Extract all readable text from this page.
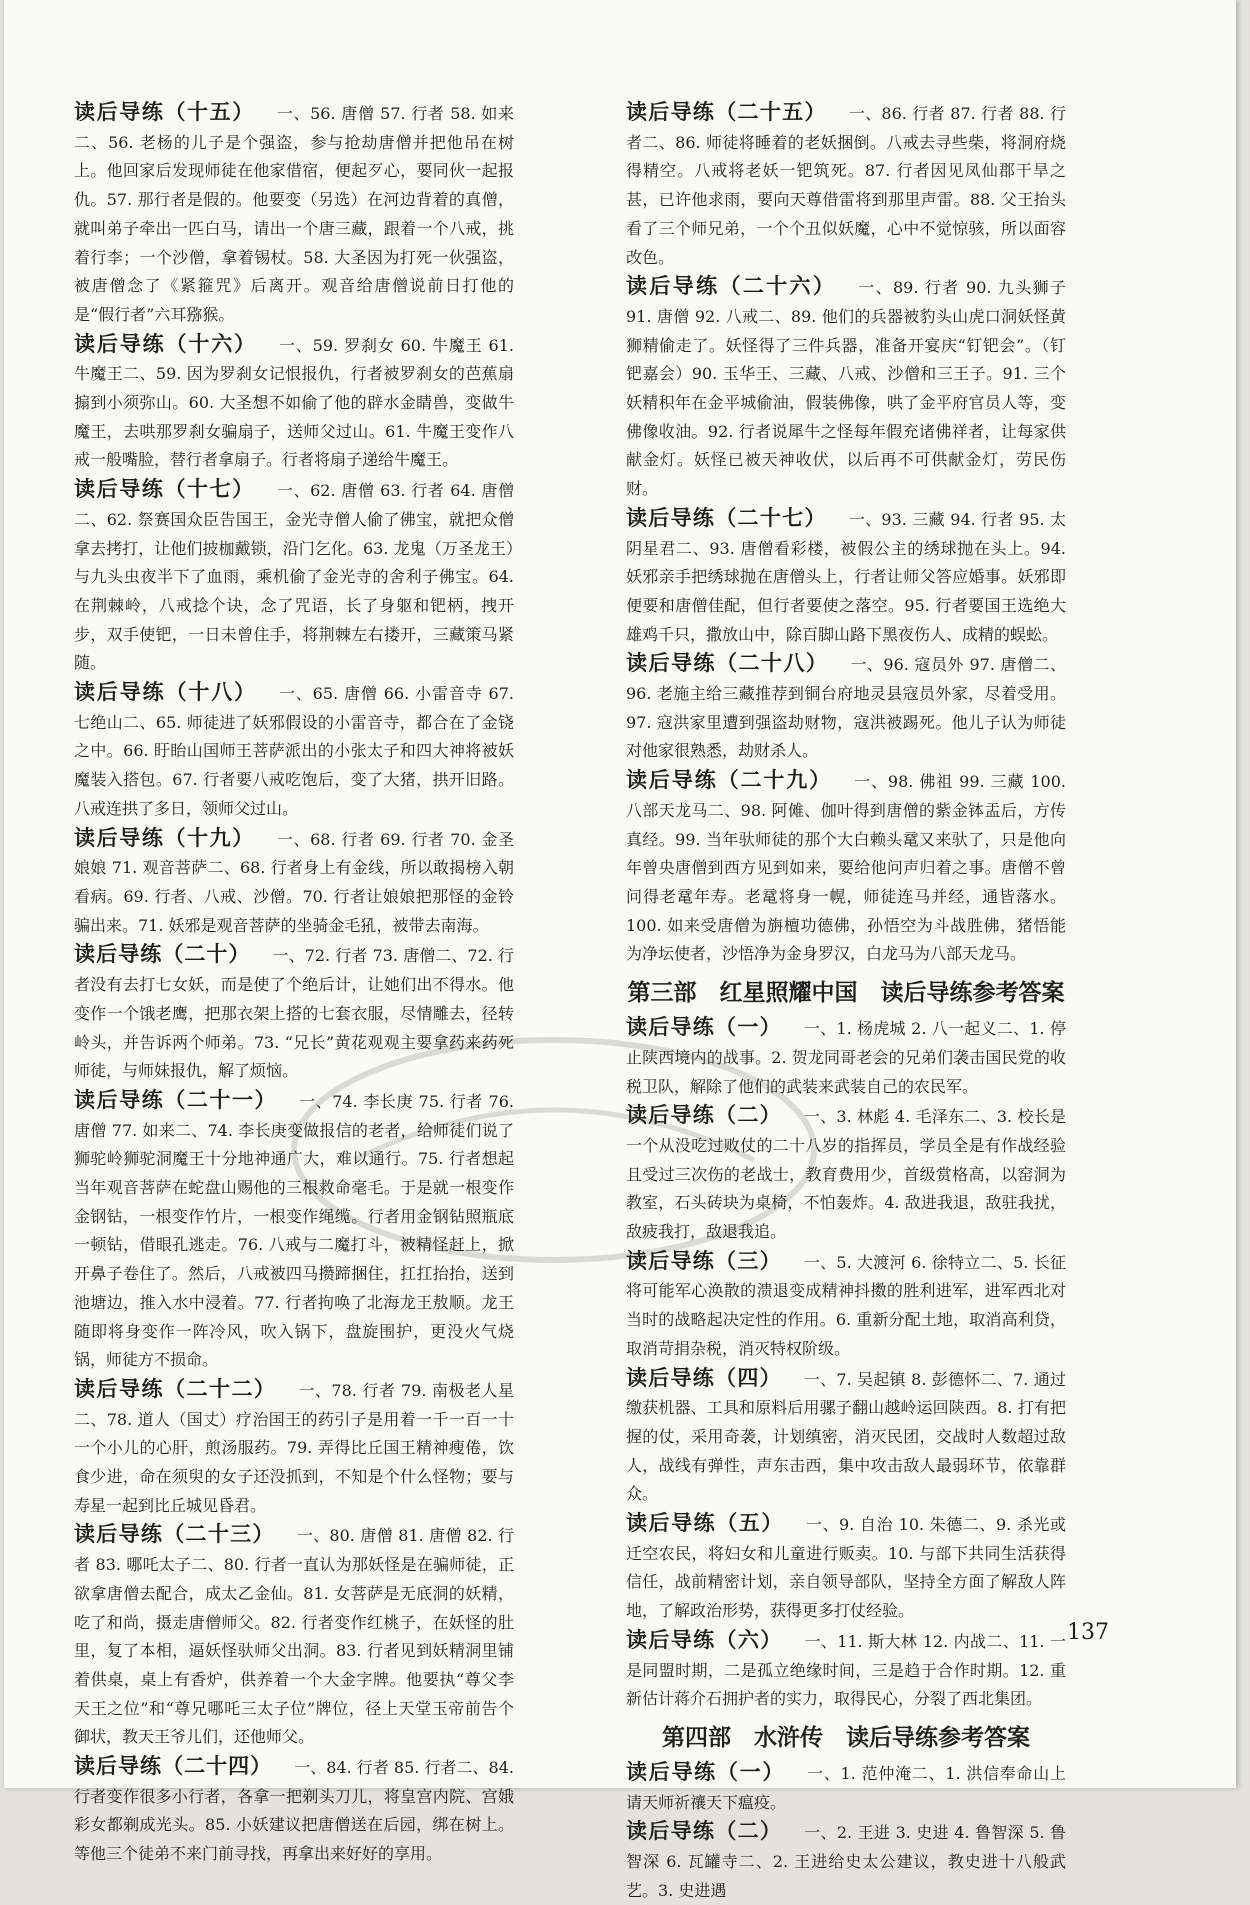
读后导练（十五） 一、56. 唐僧 57. 行者 58. 如来二、56. 老杨的儿子是个强盗，参与抢劫唐僧并把他吊在树上。他回家后发现师徒在他家借宿，便起歹心，要同伙一起报仇。57. 那行者是假的。他要变（另选）在河边背着的真僧，就叫弟子牵出一匹白马，请出一个唐三藏，跟着一个八戒，挑着行李；一个沙僧，拿着锡杖。58. 大圣因为打死一伙强盗，被唐僧念了《紧箍咒》后离开。观音给唐僧说前日打他的是“假行者”六耳猕猴。

读后导练（十六） 一、59. 罗刹女 60. 牛魔王 61. 牛魔王二、59. 因为罗刹女记恨报仇，行者被罗刹女的芭蕉扇搧到小须弥山。60. 大圣想不如偷了他的辟水金睛兽，变做牛魔王，去哄那罗刹女骗扇子，送师父过山。61. 牛魔王变作八戒一般嘴脸，替行者拿扇子。行者将扇子递给牛魔王。

读后导练（十七） 一、62. 唐僧 63. 行者 64. 唐僧二、62. 祭赛国众臣告国王，金光寺僧人偷了佛宝，就把众僧拿去拷打，让他们披枷戴锁，沿门乞化。63. 龙鬼（万圣龙王）与九头虫夜半下了血雨，乘机偷了金光寺的舍利子佛宝。64. 在荆棘岭，八戒捻个诀，念了咒语，长了身躯和钯柄，拽开步，双手使钯，一日未曾住手，将荆棘左右搂开，三藏策马紧随。

读后导练（十八） 一、65. 唐僧 66. 小雷音寺 67. 七绝山二、65. 师徒进了妖邪假设的小雷音寺，都合在了金铙之中。66. 盱眙山国师王菩萨派出的小张太子和四大神将被妖魔装入搭包。67. 行者要八戒吃饱后，变了大猪，拱开旧路。八戒连拱了多日，领师父过山。

读后导练（十九） 一、68. 行者 69. 行者 70. 金圣娘娘 71. 观音菩萨二、68. 行者身上有金线，所以敢揭榜入朝看病。69. 行者、八戒、沙僧。70. 行者让娘娘把那怪的金铃骗出来。71. 妖邪是观音菩萨的坐骑金毛犼，被带去南海。

读后导练（二十） 一、72. 行者 73. 唐僧二、72. 行者没有去打七女妖，而是使了个绝后计，让她们出不得水。他变作一个饿老鹰，把那衣架上搭的七套衣服，尽情雕去，径转岭头，并告诉两个师弟。73. “兄长”黄花观观主要拿药来药死师徒，与师妹报仇，解了烦恼。

读后导练（二十一） 一、74. 李长庚 75. 行者 76. 唐僧 77. 如来二、74. 李长庚变做报信的老者，给师徒们说了狮驼岭狮驼洞魔王十分地神通广大，难以通行。75. 行者想起当年观音菩萨在蛇盘山赐他的三根救命毫毛。于是就一根变作金钢钻，一根变作竹片，一根变作绳缆。行者用金钢钻照瓶底一顿钻，借眼孔逃走。76. 八戒与二魔打斗，被精怪赶上，掀开鼻子卷住了。然后，八戒被四马攒蹄捆住，扛扛抬抬，送到池塘边，推入水中浸着。77. 行者拘唤了北海龙王敖顺。龙王随即将身变作一阵冷风，吹入锅下，盘旋围护，更没火气烧锅，师徒方不损命。

读后导练（二十二） 一、78. 行者 79. 南极老人星二、78. 道人（国丈）疗治国王的药引子是用着一千一百一十一个小儿的心肝，煎汤服药。79. 弄得比丘国王精神瘦倦，饮食少进，命在须臾的女子还没抓到，不知是个什么怪物；要与寿星一起到比丘城见昏君。

读后导练（二十三） 一、80. 唐僧 81. 唐僧 82. 行者 83. 哪吒太子二、80. 行者一直认为那妖怪是在骗师徒，正欲拿唐僧去配合，成太乙金仙。81. 女菩萨是无底洞的妖精，吃了和尚，摄走唐僧师父。82. 行者变作红桃子，在妖怪的肚里，复了本相，逼妖怪驮师父出洞。83. 行者见到妖精洞里铺着供桌，桌上有香炉，供养着一个大金字牌。他要执“尊父李天王之位”和“尊兄哪吒三太子位”牌位，径上天堂玉帝前告个御状，教天王爷儿们，还他师父。

读后导练（二十四） 一、84. 行者 85. 行者二、84. 行者变作很多小行者，各拿一把剃头刀儿，将皇宫内院、宫娥彩女都剃成光头。85. 小妖建议把唐僧送在后园，绑在树上。等他三个徒弟不来门前寻找，再拿出来好好的享用。

读后导练（二十五） 一、86. 行者 87. 行者 88. 行者二、86. 师徒将睡着的老妖捆倒。八戒去寻些柴，将洞府烧得精空。八戒将老妖一钯筑死。87. 行者因见凤仙郡干旱之甚，已许他求雨，要向天尊借雷将到那里声雷。88. 父王抬头看了三个师兄弟，一个个丑似妖魔，心中不觉惊骇，所以面容改色。

读后导练（二十六） 一、89. 行者 90. 九头狮子 91. 唐僧 92. 八戒二、89. 他们的兵器被豹头山虎口洞妖怪黄狮精偷走了。妖怪得了三件兵器，准备开宴庆“钉钯会”。（钉钯嘉会）90. 玉华王、三藏、八戒、沙僧和三王子。91. 三个妖精积年在金平城偷油，假装佛像，哄了金平府官员人等，变佛像收油。92. 行者说犀牛之怪每年假充诸佛祥者，让每家供献金灯。妖怪已被天神收伏，以后再不可供献金灯，劳民伤财。

读后导练（二十七） 一、93. 三藏 94. 行者 95. 太阴星君二、93. 唐僧看彩楼，被假公主的绣球抛在头上。94. 妖邪亲手把绣球抛在唐僧头上，行者让师父答应婚事。妖邪即便要和唐僧佳配，但行者要使之落空。95. 行者要国王选绝大雄鸡千只，撒放山中，除百脚山路下黑夜伤人、成精的蜈蚣。

读后导练（二十八） 一、96. 寇员外 97. 唐僧二、96. 老施主给三藏推荐到铜台府地灵县寇员外家，尽着受用。97. 寇洪家里遭到强盗劫财物，寇洪被踢死。他儿子认为师徒对他家很熟悉，劫财杀人。

读后导练（二十九） 一、98. 佛祖 99. 三藏 100. 八部天龙马二、98. 阿傩、伽叶得到唐僧的紫金钵盂后，方传真经。99. 当年驮师徒的那个大白赖头鼋又来驮了，只是他向年曾央唐僧到西方见到如来，要给他问声归着之事。唐僧不曾问得老鼋年寿。老鼋将身一幌，师徒连马并经，通皆落水。100. 如来受唐僧为旃檀功德佛，孙悟空为斗战胜佛，猪悟能为净坛使者，沙悟净为金身罗汉，白龙马为八部天龙马。

第三部　红星照耀中国　读后导练参考答案

读后导练（一） 一、1. 杨虎城 2. 八一起义二、1. 停止陕西境内的战事。2. 贺龙同哥老会的兄弟们袭击国民党的收税卫队，解除了他们的武装来武装自己的农民军。

读后导练（二） 一、3. 林彪 4. 毛泽东二、3. 校长是一个从没吃过败仗的二十八岁的指挥员，学员全是有作战经验且受过三次伤的老战士，教育费用少，首级赏格高，以窑洞为教室，石头砖块为桌椅，不怕轰炸。4. 敌进我退，敌驻我扰，敌疲我打，敌退我追。

读后导练（三） 一、5. 大渡河 6. 徐特立二、5. 长征将可能军心涣散的溃退变成精神抖擞的胜利进军，进军西北对当时的战略起决定性的作用。6. 重新分配土地，取消高利贷，取消苛捐杂税，消灭特权阶级。

读后导练（四） 一、7. 吴起镇 8. 彭德怀二、7. 通过缴获机器、工具和原料后用骡子翻山越岭运回陕西。8. 打有把握的仗，采用奇袭，计划缜密，消灭民团，交战时人数超过敌人，战线有弹性，声东击西，集中攻击敌人最弱环节，依靠群众。

读后导练（五） 一、9. 自治 10. 朱德二、9. 杀光或迁空农民，将妇女和儿童进行贩卖。10. 与部下共同生活获得信任，战前精密计划，亲自领导部队，坚持全方面了解敌人阵地，了解政治形势，获得更多打仗经验。

读后导练（六） 一、11. 斯大林 12. 内战二、11. 一是同盟时期，二是孤立绝缘时间，三是趋于合作时期。12. 重新估计蒋介石拥护者的实力，取得民心，分裂了西北集团。

第四部　水浒传　读后导练参考答案

读后导练（一） 一、1. 范仲淹二、1. 洪信奉命山上请天师祈禳天下瘟疫。

读后导练（二） 一、2. 王进 3. 史进 4. 鲁智深 5. 鲁智深 6. 瓦罐寺二、2. 王进给史太公建议，教史进十八般武艺。3. 史进遇

137
